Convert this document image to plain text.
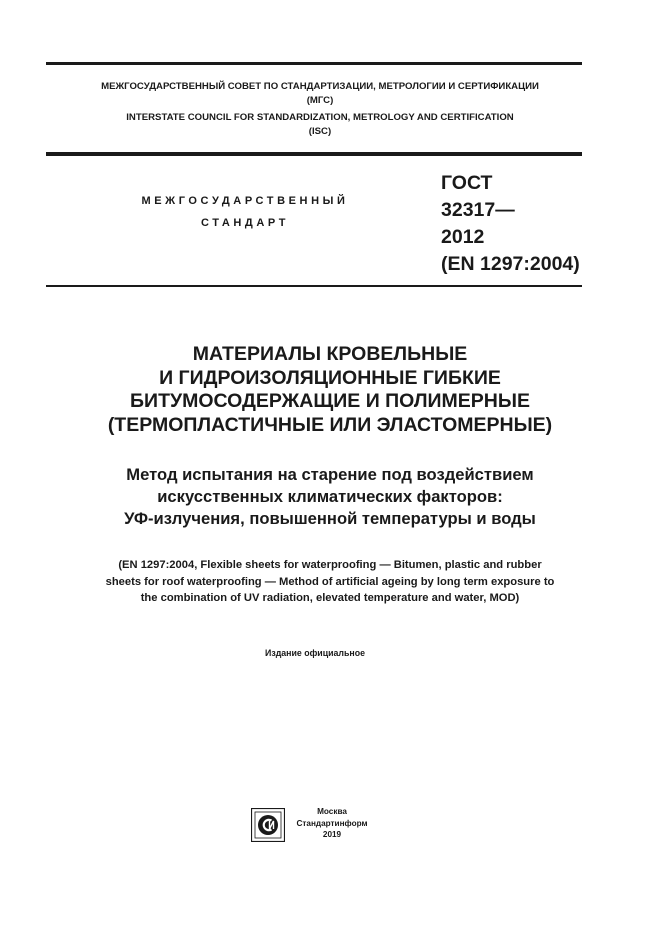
МЕЖГОСУДАРСТВЕННЫЙ СОВЕТ ПО СТАНДАРТИЗАЦИИ, МЕТРОЛОГИИ И СЕРТИФИКАЦИИ
(МГС)
INTERSTATE COUNCIL FOR STANDARDIZATION, METROLOGY AND CERTIFICATION
(ISC)
МЕЖГОСУДАРСТВЕННЫЙ
СТАНДАРТ
ГОСТ
32317—
2012
(EN 1297:2004)
МАТЕРИАЛЫ КРОВЕЛЬНЫЕ
И ГИДРОИЗОЛЯЦИОННЫЕ ГИБКИЕ
БИТУМОСОДЕРЖАЩИЕ И ПОЛИМЕРНЫЕ
(ТЕРМОПЛАСТИЧНЫЕ ИЛИ ЭЛАСТОМЕРНЫЕ)
Метод испытания на старение под воздействием
искусственных климатических факторов:
УФ-излучения, повышенной температуры и воды
(EN 1297:2004, Flexible sheets for waterproofing — Bitumen, plastic and rubber
sheets for roof waterproofing — Method of artificial ageing by long term exposure to
the combination of UV radiation, elevated temperature and water, MOD)
Издание официальное
Москва
Стандартинформ
2019
